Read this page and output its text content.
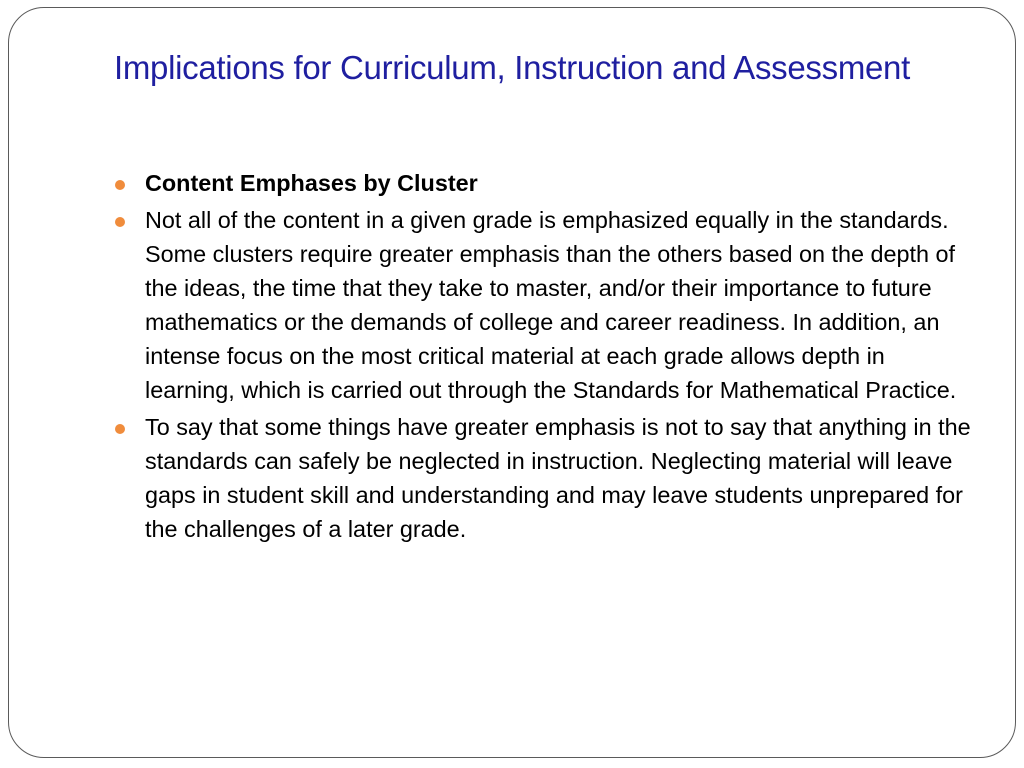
Implications for Curriculum, Instruction and Assessment
Content Emphases by Cluster
Not all of the content in a given grade is emphasized equally in the standards. Some clusters require greater emphasis than the others based on the depth of the ideas, the time that they take to master, and/or their importance to future mathematics or the demands of college and career readiness. In addition, an intense focus on the most critical material at each grade allows depth in learning, which is carried out through the Standards for Mathematical Practice.
To say that some things have greater emphasis is not to say that anything in the standards can safely be neglected in instruction. Neglecting material will leave gaps in student skill and understanding and may leave students unprepared for the challenges of a later grade.
